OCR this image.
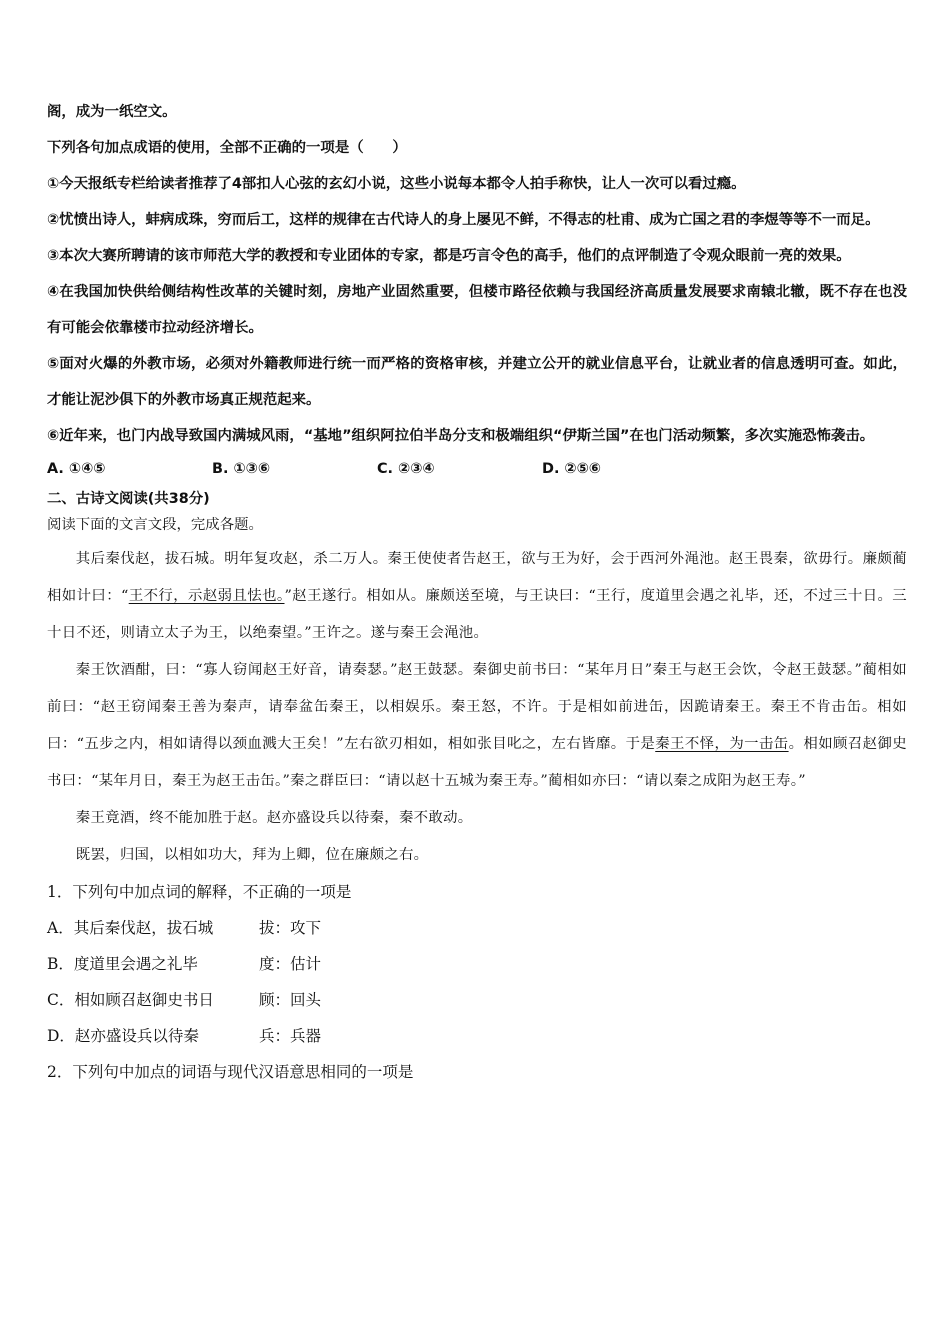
阁，成为一纸空文。
下列各句加点成语的使用，全部不正确的一项是（　　）
①今天报纸专栏给读者推荐了4部扣人心弦的玄幻小说，这些小说每本都令人拍手称快，让人一次可以看过瘾。
②忧愤出诗人，蚌病成珠，穷而后工，这样的规律在古代诗人的身上屡见不鲜，不得志的杜甫、成为亡国之君的李煜等等不一而足。
③本次大赛所聘请的该市师范大学的教授和专业团体的专家，都是巧言令色的高手，他们的点评制造了令观众眼前一亮的效果。
④在我国加快供给侧结构性改革的关键时刻，房地产业固然重要，但楼市路径依赖与我国经济高质量发展要求南辕北辙，既不存在也没有可能会依靠楼市拉动经济增长。
⑤面对火爆的外教市场，必须对外籍教师进行统一而严格的资格审核，并建立公开的就业信息平台，让就业者的信息透明可查。如此，才能让泥沙俱下的外教市场真正规范起来。
⑥近年来，也门内战导致国内满城风雨，“基地”组织阿拉伯半岛分支和极端组织“伊斯兰国”在也门活动频繁，多次实施恐怖袭击。
A. ①④⑤	B. ①③⑥	C. ②③④	D. ②⑤⑥
二、古诗文阅读(共38分)
阅读下面的文言文段，完成各题。
其后秦伐赵，拔石城。明年复攻赵，杀二万人。秦王使使者告赵王，欲与王为好，会于西河外渑池。赵王畏秦，欲毋行。廉颇蔺相如计曰：“王不行，示赵弱且怯也。”赵王遂行。相如从。廉颇送至境，与王诀曰：“王行，度道里会遇之礼毕，还，不过三十日。三十日不还，则请立太子为王，以绝秦望。”王许之。遂与秦王会渑池。
秦王饮酒酣，曰：“寡人窃闻赵王好音，请奏瑟。”赵王鼓瑟。秦御史前书曰：“某年月日”秦王与赵王会饮，令赵王鼓瑟。”蔺相如前曰：“赵王窃闻秦王善为秦声，请奉盆缶秦王，以相娱乐。秦王怒，不许。于是相如前进缶，因跪请秦王。秦王不肯击缶。相如曰：“五步之内，相如请得以颈血溅大王矣！”左右欲刃相如，相如张目叱之，左右皆靡。于是秦王不怿，为一击缶。相如顾召赵御史书曰：“某年月日，秦王为赵王击缶。”秦之群臣曰：“请以赵十五城为秦王寿。”蔺相如亦曰：“请以秦之成阳为赵王寿。”
秦王竟酒，终不能加胜于赵。赵亦盛设兵以待秦，秦不敢动。
既罢，归国，以相如功大，拜为上卿，位在廉颇之右。
1．下列句中加点词的解释，不正确的一项是
A．其后秦伐赵，拔石城	拔：攻下
B．度道里会遇之礼毕	度：估计
C．相如顾召赵御史书日	顾：回头
D．赵亦盛设兵以待秦	兵：兵器
2．下列句中加点的词语与现代汉语意思相同的一项是
